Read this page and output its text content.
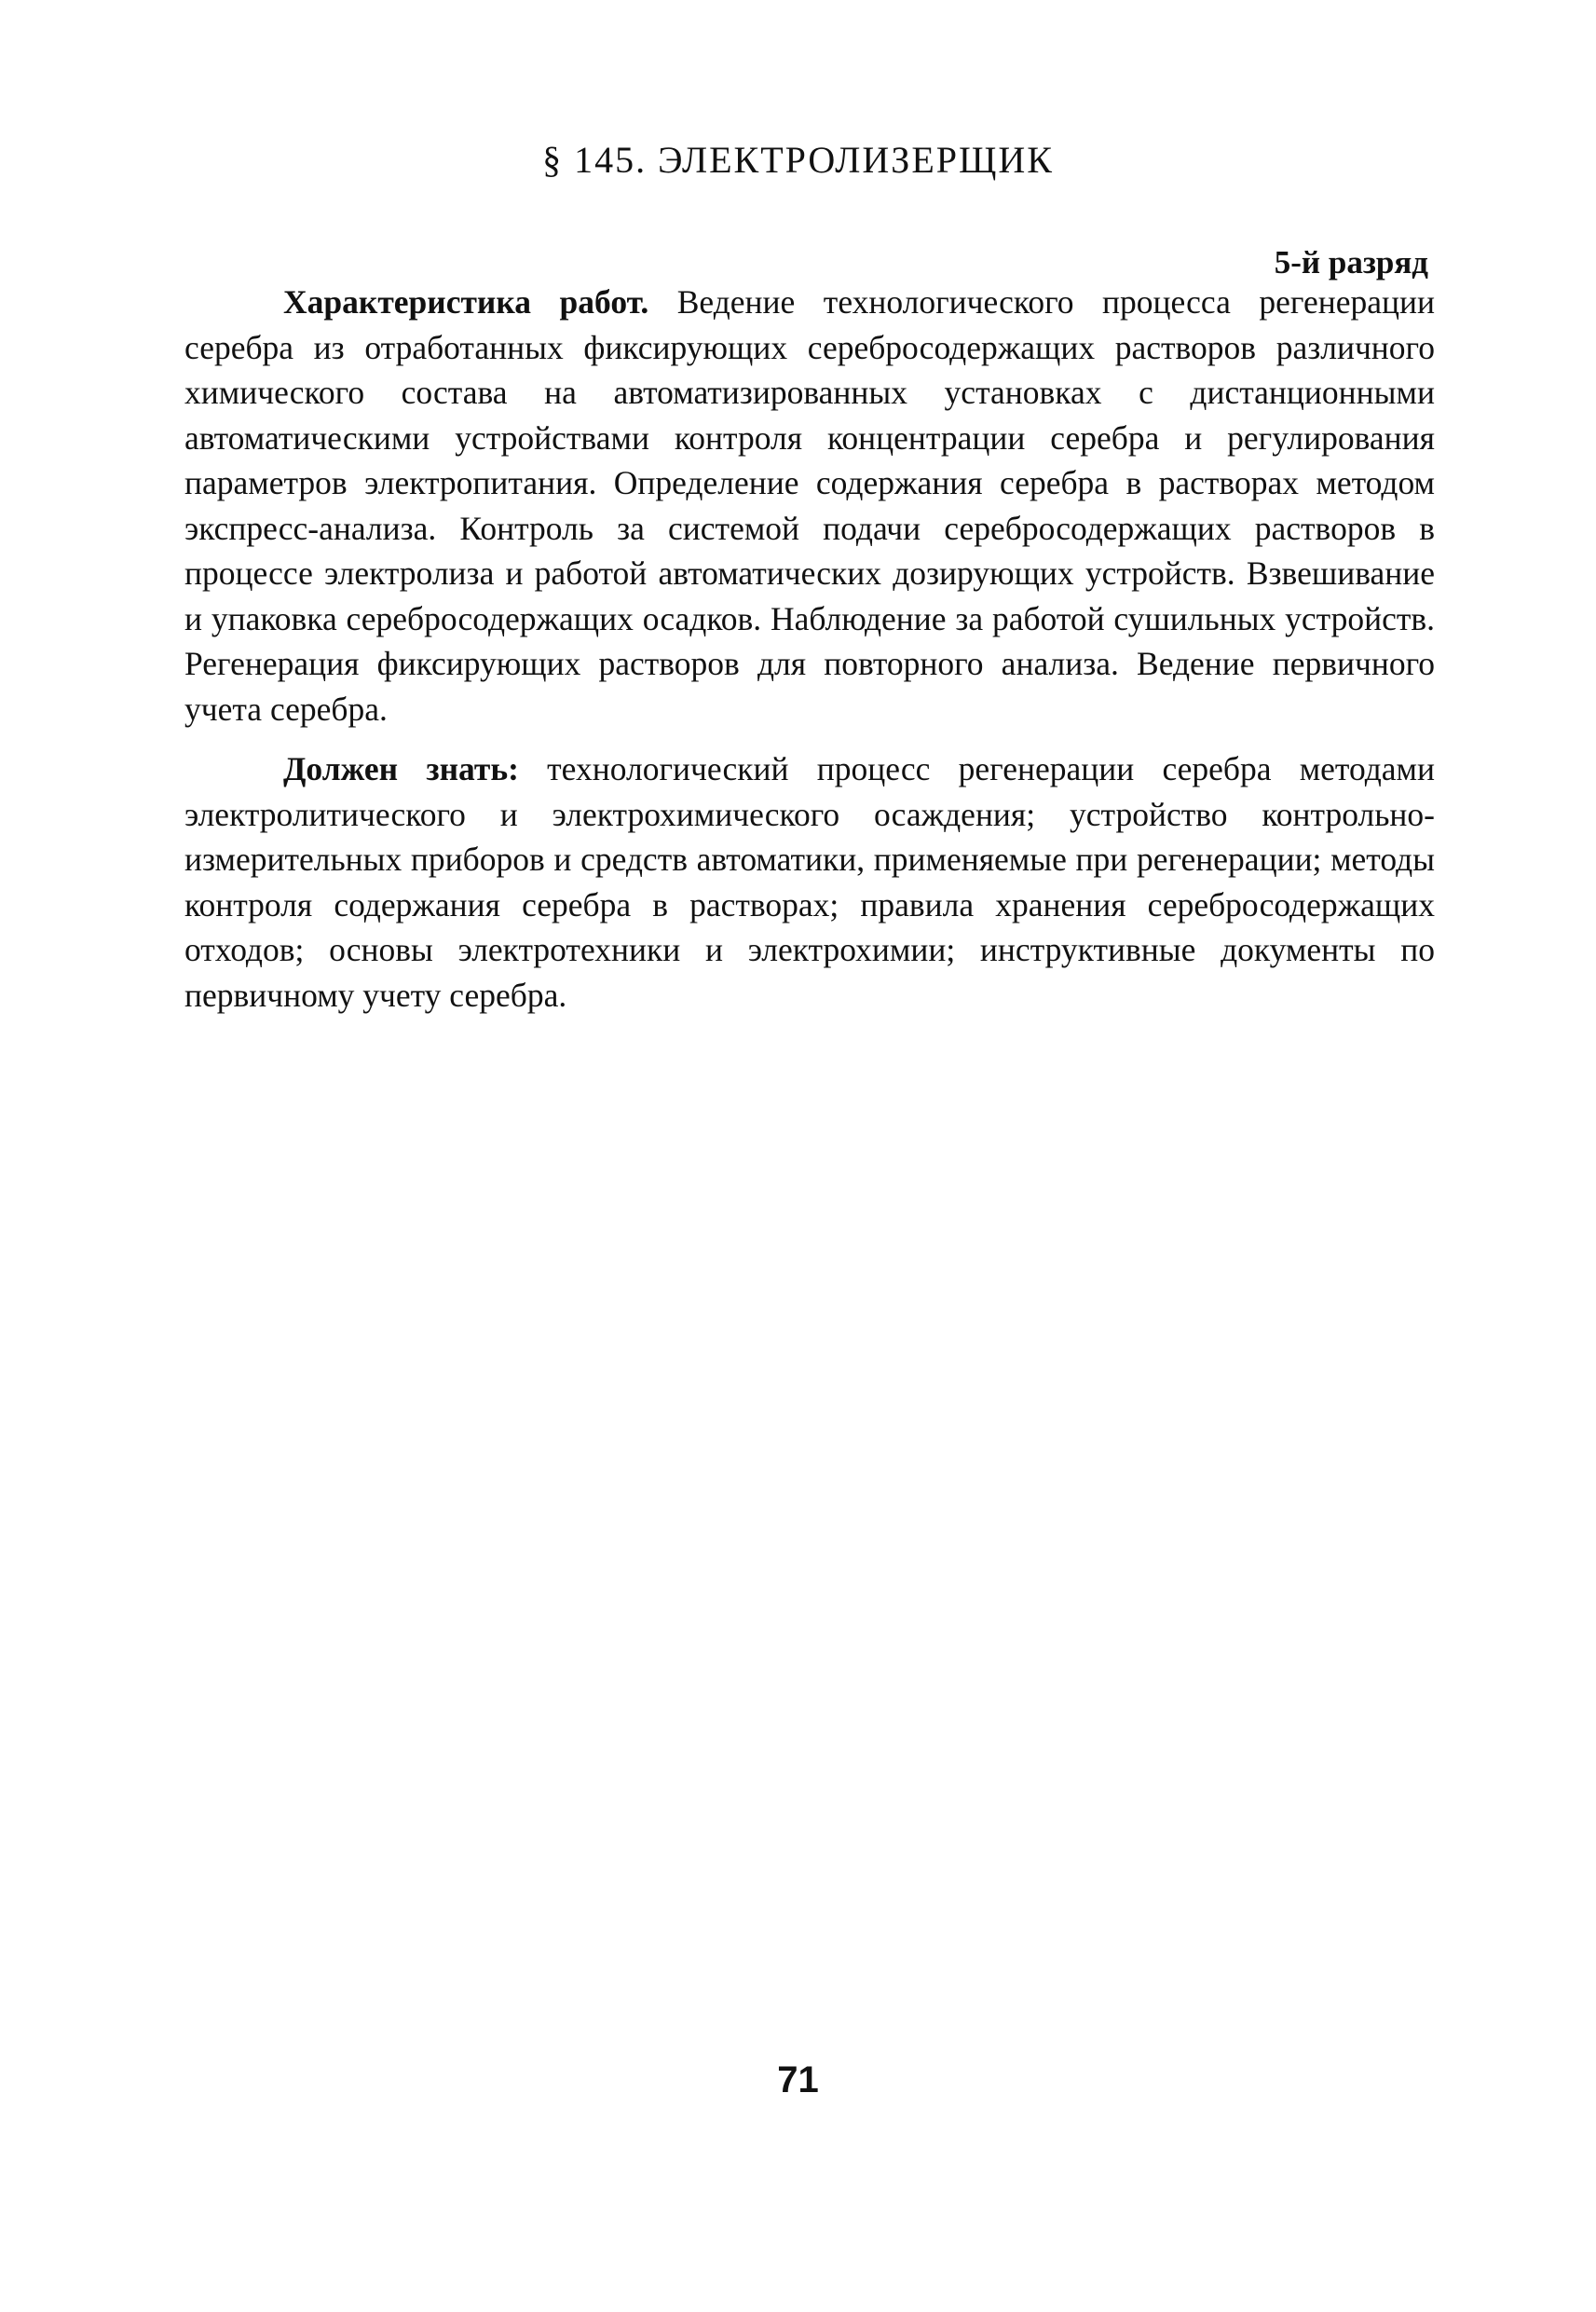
§ 145. ЭЛЕКТРОЛИЗЕРЩИК
5-й разряд

Характеристика работ. Ведение технологического процесса регенерации серебра из отработанных фиксирующих серебросодержащих растворов различного химического состава на автоматизированных установках с дистанционными автоматическими устройствами контроля концентрации серебра и регулирования параметров электропитания. Определение содержания серебра в растворах методом экспресс-анализа. Контроль за системой подачи серебросодержащих растворов в процессе электролиза и работой автоматических дозирующих устройств. Взвешивание и упаковка серебросодержащих осадков. Наблюдение за работой сушильных устройств. Регенерация фиксирующих растворов для повторного анализа. Ведение первичного учета серебра.

Должен знать: технологический процесс регенерации серебра методами электролитического и электрохимического осаждения; устройство контрольно-измерительных приборов и средств автоматики, применяемые при регенерации; методы контроля содержания серебра в растворах; правила хранения серебросодержащих отходов; основы электротехники и электрохимии; инструктивные документы по первичному учету серебра.

71
